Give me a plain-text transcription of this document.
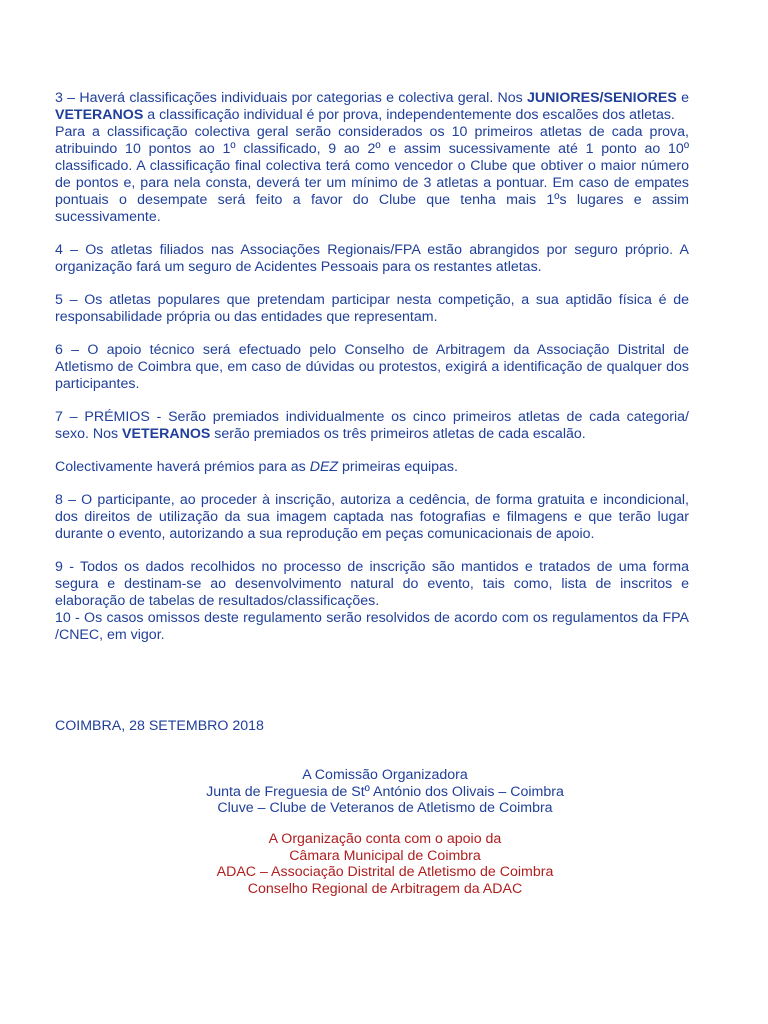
3 – Haverá classificações individuais por categorias e colectiva geral. Nos JUNIORES/SENIORES e VETERANOS a classificação individual é por prova, independentemente dos escalões dos atletas.

Para a classificação colectiva geral serão considerados os 10 primeiros atletas de cada prova, atribuindo 10 pontos ao 1º classificado, 9 ao 2º e assim sucessivamente até 1 ponto ao 10º classificado. A classificação final colectiva terá como vencedor o Clube que obtiver o maior número de pontos e, para nela consta, deverá ter um mínimo de 3 atletas a pontuar. Em caso de empates pontuais o desempate será feito a favor do Clube que tenha mais 1ºs lugares e assim sucessivamente.

4 – Os atletas filiados nas Associações Regionais/FPA estão abrangidos por seguro próprio. A organização fará um seguro de Acidentes Pessoais para os restantes atletas.

5 – Os atletas populares que pretendam participar nesta competição, a sua aptidão física é de responsabilidade própria ou das entidades que representam.

6 – O apoio técnico será efectuado pelo Conselho de Arbitragem da Associação Distrital de Atletismo de Coimbra que, em caso de dúvidas ou protestos, exigirá a identificação de qualquer dos participantes.

7 – PRÉMIOS - Serão premiados individualmente os cinco primeiros atletas de cada categoria/ sexo. Nos VETERANOS serão premiados os três primeiros atletas de cada escalão.

Colectivamente haverá prémios para as DEZ primeiras equipas.

8 – O participante, ao proceder à inscrição, autoriza a cedência, de forma gratuita e incondicional, dos direitos de utilização da sua imagem captada nas fotografias e filmagens e que terão lugar durante o evento, autorizando a sua reprodução em peças comunicacionais de apoio.

9 - Todos os dados recolhidos no processo de inscrição são mantidos e tratados de uma forma segura e destinam-se ao desenvolvimento natural do evento, tais como, lista de inscritos e elaboração de tabelas de resultados/classificações.

10 - Os casos omissos deste regulamento serão resolvidos de acordo com os regulamentos da FPA /CNEC, em vigor.

COIMBRA, 28 SETEMBRO 2018
A Comissão Organizadora
Junta de Freguesia de Stº António dos Olivais – Coimbra
Cluve – Clube de Veteranos de Atletismo de Coimbra
A Organização conta com o apoio da
Câmara Municipal de Coimbra
ADAC – Associação Distrital de Atletismo de Coimbra
Conselho Regional de Arbitragem da ADAC
